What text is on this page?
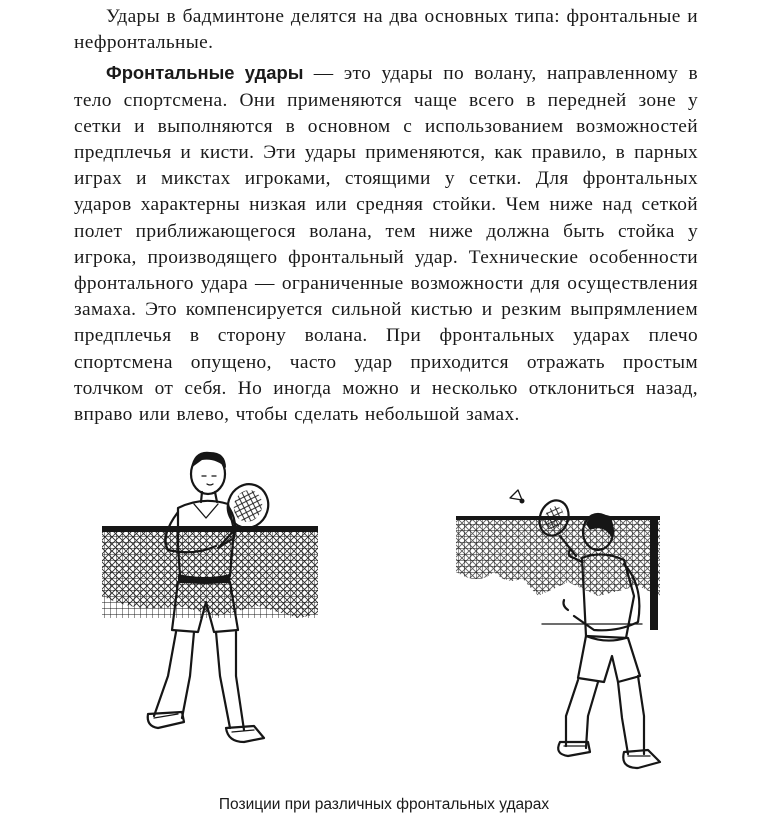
Удары в бадминтоне делятся на два основных типа: фронтальные и нефронтальные.

Фронтальные удары — это удары по волану, направленному в тело спортсмена. Они применяются чаще всего в передней зоне у сетки и выполняются в основном с использованием возможностей предплечья и кисти. Эти удары применяются, как правило, в парных играх и микстах игроками, стоящими у сетки. Для фронтальных ударов характерны низкая или средняя стойки. Чем ниже над сеткой полет приближающегося волана, тем ниже должна быть стойка у игрока, производящего фронтальный удар. Технические особенности фронтального удара — ограниченные возможности для осуществления замаха. Это компенсируется сильной кистью и резким выпрямлением предплечья в сторону волана. При фронтальных ударах плечо спортсмена опущено, часто удар приходится отражать простым толчком от себя. Но иногда можно и несколько отклониться назад, вправо или влево, чтобы сделать небольшой замах.

Позиции при различных фронтальных ударах
